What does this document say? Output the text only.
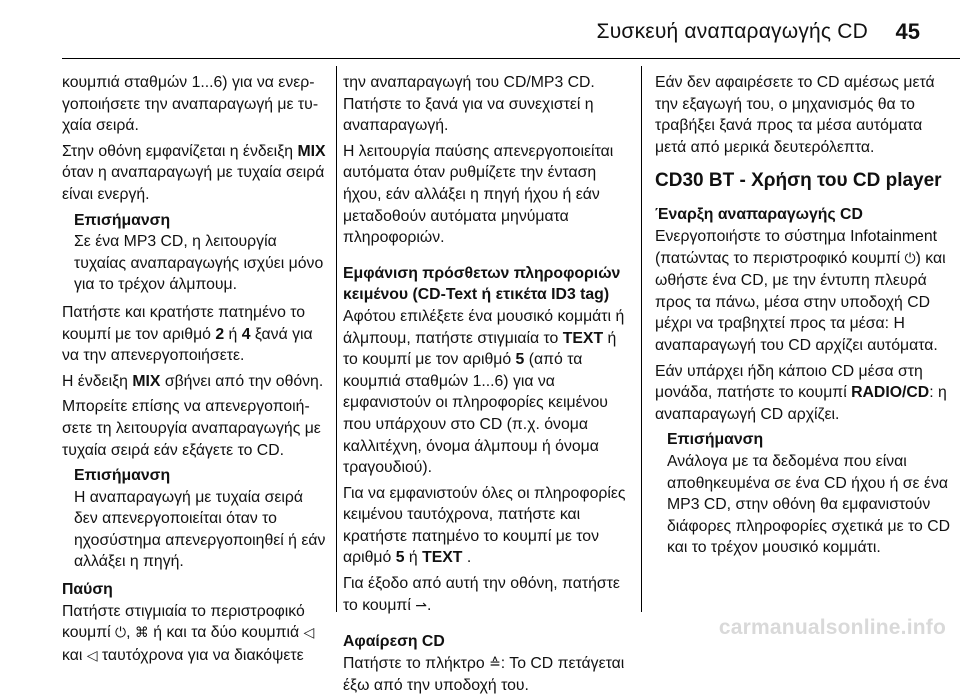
Συσκευή αναπαραγωγής CD 45
κουμπιά σταθμών 1...6) για να ενεργοποιήσετε την αναπαραγωγή με τυχαία σειρά.
Στην οθόνη εμφανίζεται η ένδειξη MIX όταν η αναπαραγωγή με τυχαία σειρά είναι ενεργή.
Επισήμανση
Σε ένα MP3 CD, η λειτουργία τυχαίας αναπαραγωγής ισχύει μόνο για το τρέχον άλμπουμ.
Πατήστε και κρατήστε πατημένο το κουμπί με τον αριθμό 2 ή 4 ξανά για να την απενεργοποιήσετε.
Η ένδειξη MIX σβήνει από την οθόνη.
Μπορείτε επίσης να απενεργοποιήσετε τη λειτουργία αναπαραγωγής με τυχαία σειρά εάν εξάγετε το CD.
Επισήμανση
Η αναπαραγωγή με τυχαία σειρά δεν απενεργοποιείται όταν το ηχοσύστημα απενεργοποιηθεί ή εάν αλλάξει η πηγή.
Παύση
Πατήστε στιγμιαία το περιστροφικό κουμπί ⏻, ⌘ ή και τα δύο κουμπιά ◁ και ◁ ταυτόχρονα για να διακόψετε
την αναπαραγωγή του CD/MP3 CD. Πατήστε το ξανά για να συνεχιστεί η αναπαραγωγή.
Η λειτουργία παύσης απενεργοποιείται αυτόματα όταν ρυθμίζετε την ένταση ήχου, εάν αλλάξει η πηγή ήχου ή εάν μεταδοθούν αυτόματα μηνύματα πληροφοριών.
Εμφάνιση πρόσθετων πληροφοριών κειμένου (CD-Text ή ετικέτα ID3 tag)
Αφότου επιλέξετε ένα μουσικό κομμάτι ή άλμπουμ, πατήστε στιγμιαία το TEXT ή το κουμπί με τον αριθμό 5 (από τα κουμπιά σταθμών 1...6) για να εμφανιστούν οι πληροφορίες κειμένου που υπάρχουν στο CD (π.χ. όνομα καλλιτέχνη, όνομα άλμπουμ ή όνομα τραγουδιού).
Για να εμφανιστούν όλες οι πληροφορίες κειμένου ταυτόχρονα, πατήστε και κρατήστε πατημένο το κουμπί με τον αριθμό 5 ή TEXT .
Για έξοδο από αυτή την οθόνη, πατήστε το κουμπί ⇀.
Αφαίρεση CD
Πατήστε το πλήκτρο ≙: Το CD πετάγεται έξω από την υποδοχή του.
Εάν δεν αφαιρέσετε το CD αμέσως μετά την εξαγωγή του, ο μηχανισμός θα το τραβήξει ξανά προς τα μέσα αυτόματα μετά από μερικά δευτερόλεπτα.
CD30 BT - Χρήση του CD player
Έναρξη αναπαραγωγής CD
Ενεργοποιήστε το σύστημα Infotainment (πατώντας το περιστροφικό κουμπί ⏻) και ωθήστε ένα CD, με την έντυπη πλευρά προς τα πάνω, μέσα στην υποδοχή CD μέχρι να τραβηχτεί προς τα μέσα: Η αναπαραγωγή του CD αρχίζει αυτόματα.
Εάν υπάρχει ήδη κάποιο CD μέσα στη μονάδα, πατήστε το κουμπί RADIO/CD: η αναπαραγωγή CD αρχίζει.
Επισήμανση
Ανάλογα με τα δεδομένα που είναι αποθηκευμένα σε ένα CD ήχου ή σε ένα MP3 CD, στην οθόνη θα εμφανιστούν διάφορες πληροφορίες σχετικά με το CD και το τρέχον μουσικό κομμάτι.
carmanualsonline.info
